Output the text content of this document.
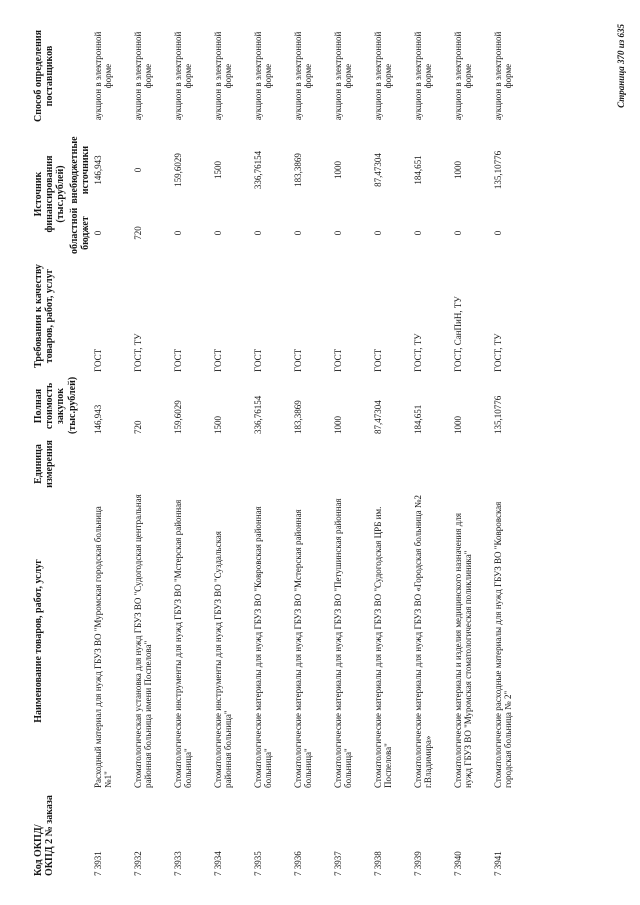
Код ОКПД/ ОКПД 2 № заказа	Наименование товаров, работ, услуг	Единица измерения	Полная стоимость закупок (тыс.рублей)	Требования к качеству товаров, работ, услуг	Источник финансирования (тыс.рублей)		Способ определения поставщиков
					областной бюджет	внебюджетные источники	
7 3931	Расходный материал для нужд ГБУЗ ВО "Муромская городская больница №1"		146,943	ГОСТ	0	146,943	аукцион в электронной форме
7 3932	Стоматологическая установка для нужд ГБУЗ ВО "Судогодская центральная районная больница имени Поспелова"		720	ГОСТ, ТУ	720	0	аукцион в электронной форме
7 3933	Стоматологические инструменты для нужд ГБУЗ ВО "Мстерская районная больница"		159,6029	ГОСТ	0	159,6029	аукцион в электронной форме
7 3934	Стоматологические инструменты для нужд ГБУЗ ВО "Суздальская районная больница"		1500	ГОСТ	0	1500	аукцион в электронной форме
7 3935	Стоматологические материалы для нужд ГБУЗ ВО "Ковровская районная больница"		336,76154	ГОСТ	0	336,76154	аукцион в электронной форме
7 3936	Стоматологические материалы для нужд ГБУЗ ВО "Мстерская районная больница"		183,3869	ГОСТ	0	183,3869	аукцион в электронной форме
7 3937	Стоматологические материалы для нужд ГБУЗ ВО "Петушинская районная больница"		1000	ГОСТ	0	1000	аукцион в электронной форме
7 3938	Стоматологические материалы для нужд ГБУЗ ВО "Судогодская ЦРБ им. Поспелова"		87,47304	ГОСТ	0	87,47304	аукцион в электронной форме
7 3939	Стоматологические материалы для нужд ГБУЗ ВО «Городская больница №2 г.Владимира»		184,651	ГОСТ, ТУ	0	184,651	аукцион в электронной форме
7 3940	Стоматологические материалы и изделия медицинского назначения для нужд ГБУЗ ВО "Муромская стоматологическая поликлиника"		1000	ГОСТ, СанПиН, ТУ	0	1000	аукцион в электронной форме
7 3941	Стоматологические расходные материалы для нужд ГБУЗ ВО "Ковровская городская больница № 2"		135,10776	ГОСТ, ТУ	0	135,10776	аукцион в электронной форме	Страница 370 из 635
